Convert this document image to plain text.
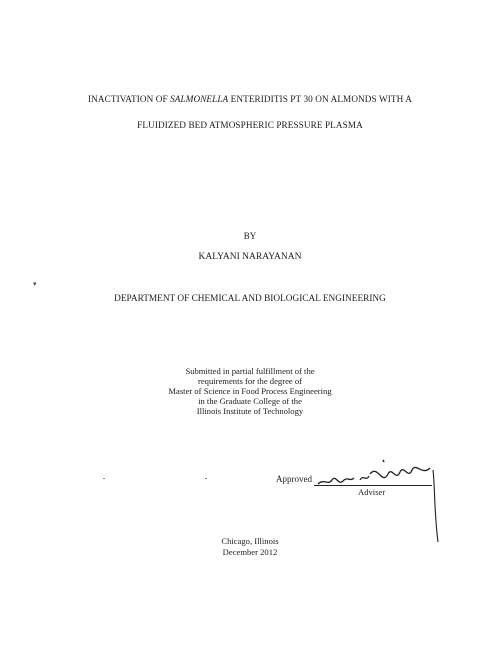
INACTIVATION OF SALMONELLA ENTERIDITIS PT 30 ON ALMONDS WITH A
FLUIDIZED BED ATMOSPHERIC PRESSURE PLASMA
BY
KALYANI NARAYANAN
▾
DEPARTMENT OF CHEMICAL AND BIOLOGICAL ENGINEERING
Submitted in partial fulfillment of the
requirements for the degree of
Master of Science in Food Process Engineering
in the Graduate College of the
Illinois Institute of Technology
Approved
Adviser
Chicago, Illinois
December 2012
